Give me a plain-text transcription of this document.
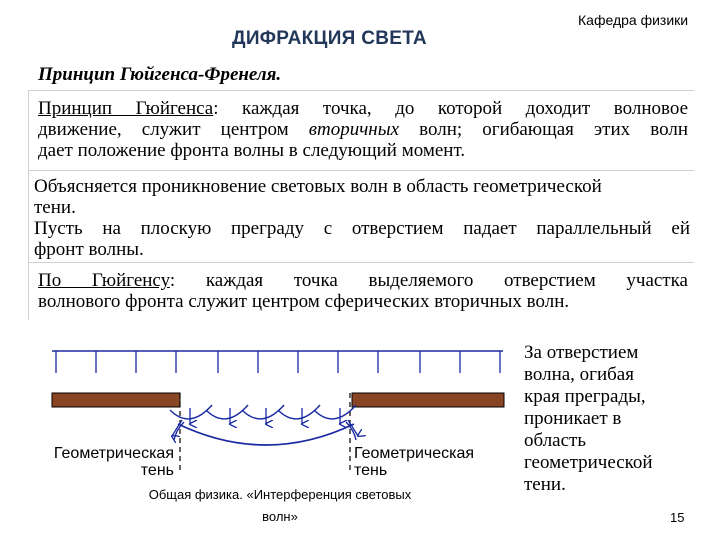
ДИФРАКЦИЯ СВЕТА
Кафедра физики
Принцип Гюйгенса-Френеля.
Принцип Гюйгенса: каждая точка, до которой доходит волновое
движение, служит центром вторичных волн; огибающая этих волн
дает положение фронта волны в следующий момент.
Объясняется проникновение световых волн в область геометрической
тени.
Пусть на плоскую преграду с отверстием падает параллельный ей
фронт волны.
По Гюйгенсу: каждая точка выделяемого отверстием участка
волнового фронта служит центром сферических вторичных волн.
Геометрическая
тень
Геометрическая
тень
За отверстием
волна, огибая
края преграды,
проникает в
область
геометрической
тени.
Общая физика. «Интерференция световых
волн»	15
